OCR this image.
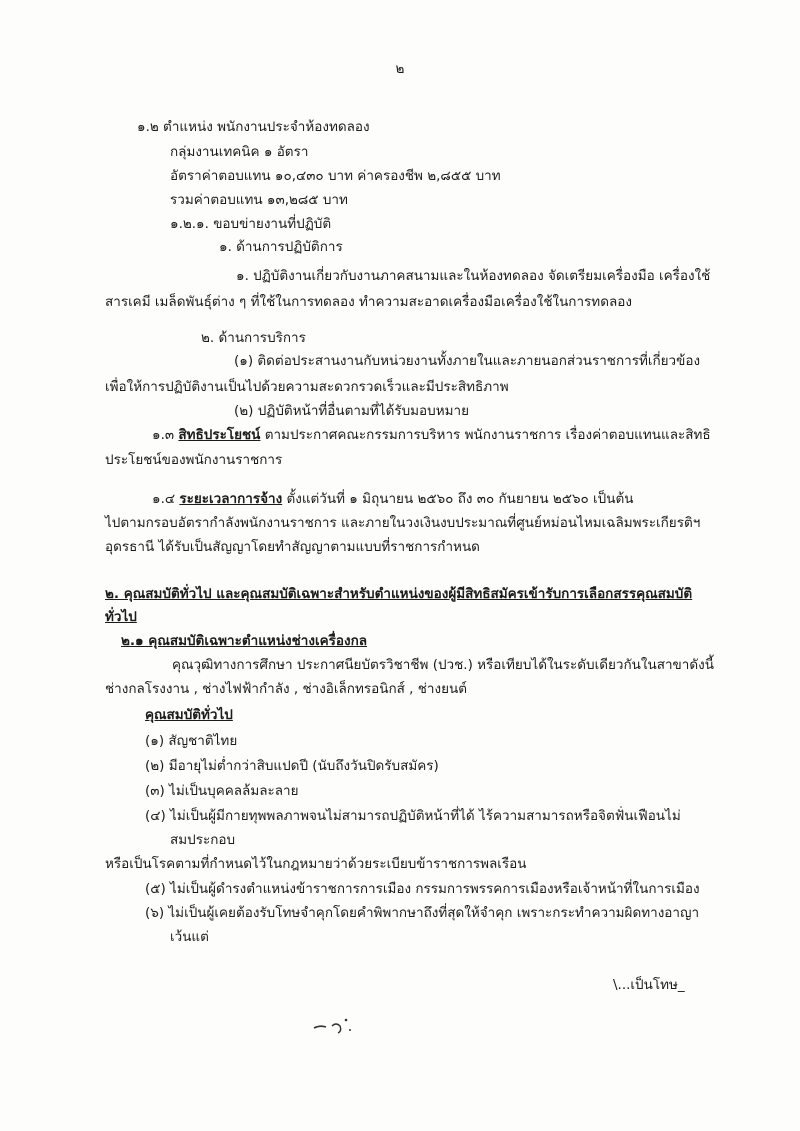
๒
๑.๒ ตำแหน่ง พนักงานประจำห้องทดลอง
กลุ่มงานเทคนิค ๑ อัตรา
อัตราค่าตอบแทน ๑๐,๔๓๐ บาท ค่าครองชีพ ๒,๘๕๕ บาท
รวมค่าตอบแทน ๑๓,๒๘๕ บาท
๑.๒.๑. ขอบข่ายงานที่ปฏิบัติ
๑. ด้านการปฏิบัติการ
๑. ปฏิบัติงานเกี่ยวกับงานภาคสนามและในห้องทดลอง จัดเตรียมเครื่องมือ เครื่องใช้
สารเคมี เมล็ดพันธุ์ต่าง ๆ ที่ใช้ในการทดลอง ทำความสะอาดเครื่องมือเครื่องใช้ในการทดลอง
๒. ด้านการบริการ
(๑) ติดต่อประสานงานกับหน่วยงานทั้งภายในและภายนอกส่วนราชการที่เกี่ยวข้อง
เพื่อให้การปฏิบัติงานเป็นไปด้วยความสะดวกรวดเร็วและมีประสิทธิภาพ
(๒) ปฏิบัติหน้าที่อื่นตามที่ได้รับมอบหมาย
๑.๓ สิทธิประโยชน์ ตามประกาศคณะกรรมการบริหาร พนักงานราชการ เรื่องค่าตอบแทนและสิทธิ
ประโยชน์ของพนักงานราชการ
๑.๔ ระยะเวลาการจ้าง ตั้งแต่วันที่ ๑ มิถุนายน ๒๕๖๐ ถึง ๓๐ กันยายน ๒๕๖๐ เป็นต้น
ไปตามกรอบอัตรากำลังพนักงานราชการ และภายในวงเงินงบประมาณที่ศูนย์หม่อนไหมเฉลิมพระเกียรติฯ
อุดรธานี ได้รับเป็นสัญญาโดยทำสัญญาตามแบบที่ราชการกำหนด
๒. คุณสมบัติทั่วไป และคุณสมบัติเฉพาะสำหรับตำแหน่งของผู้มีสิทธิสมัครเข้ารับการเลือกสรรคุณสมบัติ
ทั่วไป
๒.๑ คุณสมบัติเฉพาะตำแหน่งช่างเครื่องกล
คุณวุฒิทางการศึกษา ประกาศนียบัตรวิชาชีพ (ปวช.) หรือเทียบได้ในระดับเดียวกันในสาขาดังนี้
ช่างกลโรงงาน , ช่างไฟฟ้ากำลัง , ช่างอิเล็กทรอนิกส์ , ช่างยนต์
คุณสมบัติทั่วไป
(๑) สัญชาติไทย
(๒) มีอายุไม่ต่ำกว่าสิบแปดปี (นับถึงวันปิดรับสมัคร)
(๓) ไม่เป็นบุคคลล้มละลาย
(๔) ไม่เป็นผู้มีกายทุพพลภาพจนไม่สามารถปฏิบัติหน้าที่ได้ ไร้ความสามารถหรือจิตฟั่นเฟือนไม่
สมประกอบ
หรือเป็นโรคตามที่กำหนดไว้ในกฎหมายว่าด้วยระเบียบข้าราชการพลเรือน
(๕) ไม่เป็นผู้ดำรงตำแหน่งข้าราชการการเมือง กรรมการพรรคการเมืองหรือเจ้าหน้าที่ในการเมือง
(๖) ไม่เป็นผู้เคยต้องรับโทษจำคุกโดยคำพิพากษาถึงที่สุดให้จำคุก เพราะกระทำความผิดทางอาญา
เว้นแต่
\...เป็นโทษ_
